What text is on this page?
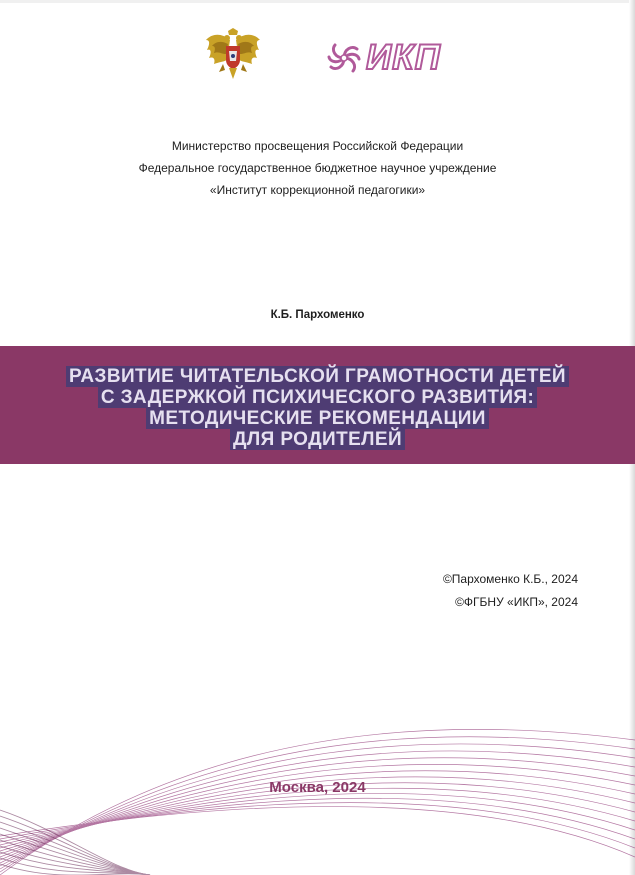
ИКП
Министерство просвещения Российской Федерации
Федеральное государственное бюджетное научное учреждение
«Институт коррекционной педагогики»
К.Б. Пархоменко
РАЗВИТИЕ ЧИТАТЕЛЬСКОЙ ГРАМОТНОСТИ ДЕТЕЙ
С ЗАДЕРЖКОЙ ПСИХИЧЕСКОГО РАЗВИТИЯ:
МЕТОДИЧЕСКИЕ РЕКОМЕНДАЦИИ
ДЛЯ РОДИТЕЛЕЙ
©Пархоменко К.Б., 2024
©ФГБНУ «ИКП», 2024
Москва, 2024
